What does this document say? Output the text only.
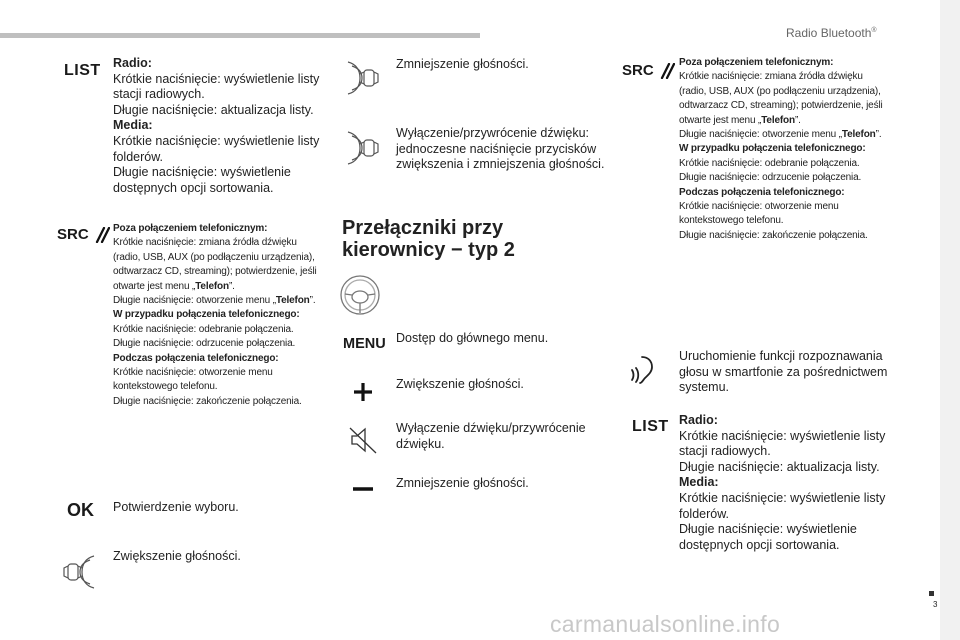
Radio Bluetooth®
3
LIST Radio:
Krótkie naciśnięcie: wyświetlenie listy stacji radiowych.
Długie naciśnięcie: aktualizacja listy.
Media:
Krótkie naciśnięcie: wyświetlenie listy folderów.
Długie naciśnięcie: wyświetlenie dostępnych opcji sortowania.
SRC Poza połączeniem telefonicznym:
Krótkie naciśnięcie: zmiana źródła dźwięku (radio, USB, AUX (po podłączeniu urządzenia), odtwarzacz CD, streaming); potwierdzenie, jeśli otwarte jest menu „Telefon”.
Długie naciśnięcie: otworzenie menu „Telefon”.
W przypadku połączenia telefonicznego:
Krótkie naciśnięcie: odebranie połączenia.
Długie naciśnięcie: odrzucenie połączenia.
Podczas połączenia telefonicznego:
Krótkie naciśnięcie: otworzenie menu kontekstowego telefonu.
Długie naciśnięcie: zakończenie połączenia.
OK Potwierdzenie wyboru.
Zwiększenie głośności.
Zmniejszenie głośności.
Wyłączenie/przywrócenie dźwięku: jednoczesne naciśnięcie przycisków zwiększenia i zmniejszenia głośności.
Przełączniki przy
kierownicy − typ 2
MENU Dostęp do głównego menu.
Zwiększenie głośności.
Wyłączenie dźwięku/przywrócenie dźwięku.
Zmniejszenie głośności.
SRC	Poza połączeniem telefonicznym:
Krótkie naciśnięcie: zmiana źródła dźwięku (radio, USB, AUX (po podłączeniu urządzenia), odtwarzacz CD, streaming); potwierdzenie, jeśli otwarte jest menu „Telefon”.
Długie naciśnięcie: otworzenie menu „Telefon”.
W przypadku połączenia telefonicznego:
Krótkie naciśnięcie: odebranie połączenia.
Długie naciśnięcie: odrzucenie połączenia.
Podczas połączenia telefonicznego:
Krótkie naciśnięcie: otworzenie menu kontekstowego telefonu.
Długie naciśnięcie: zakończenie połączenia.
Uruchomienie funkcji rozpoznawania głosu w smartfonie za pośrednictwem systemu.
LIST Radio:
Krótkie naciśnięcie: wyświetlenie listy stacji radiowych.
Długie naciśnięcie: aktualizacja listy.
Media:
Krótkie naciśnięcie: wyświetlenie listy folderów.
Długie naciśnięcie: wyświetlenie dostępnych opcji sortowania.
carmanualsonline.info
